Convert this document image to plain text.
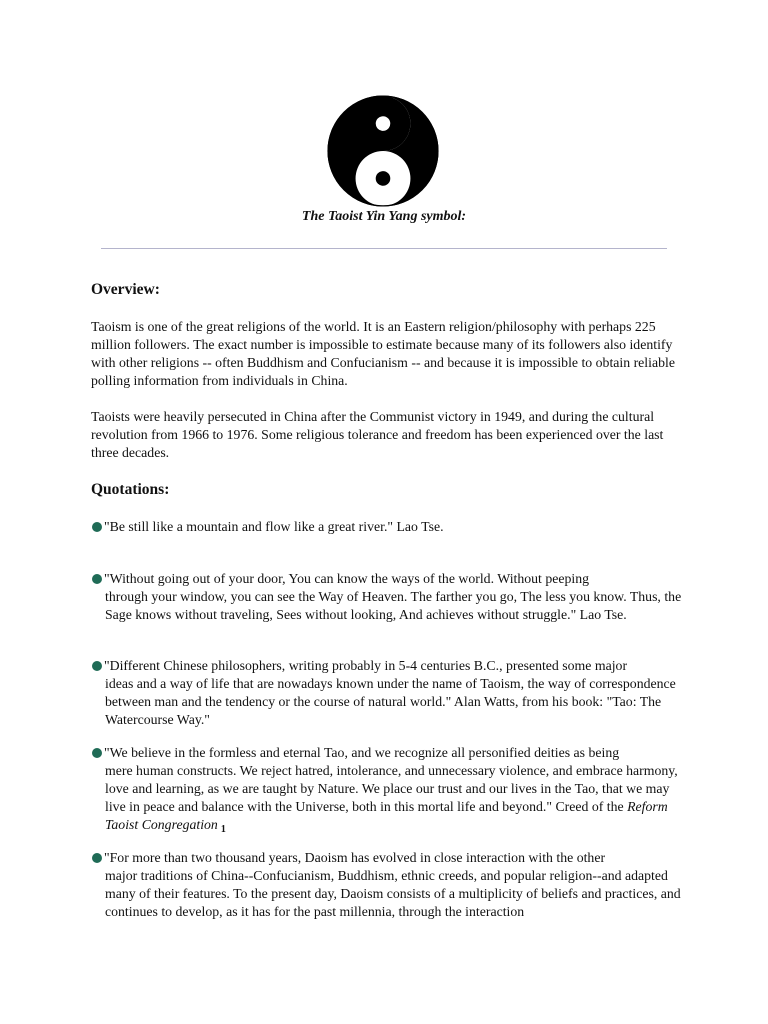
The Taoist Yin Yang symbol:
Overview:

Taoism is one of the great religions of the world. It is an Eastern religion/philosophy with perhaps 225 million followers. The exact number is impossible to estimate because many of its followers also identify with other religions -- often Buddhism and Confucianism -- and because it is impossible to obtain reliable polling information from individuals in China.

Taoists were heavily persecuted in China after the Communist victory in 1949, and during the cultural revolution from 1966 to 1976. Some religious tolerance and freedom has been experienced over the last three decades.

Quotations:

"Be still like a mountain and flow like a great river." Lao Tse.

"Without going out of your door, You can know the ways of the world. Without peeping
through your window, you can see the Way of Heaven. The farther you go, The less you know. Thus, the Sage knows without traveling, Sees without looking, And achieves without struggle." Lao Tse.

"Different Chinese philosophers, writing probably in 5-4 centuries B.C., presented some major
ideas and a way of life that are nowadays known under the name of Taoism, the way of correspondence between man and the tendency or the course of natural world." Alan Watts, from his book: "Tao: The Watercourse Way."

"We believe in the formless and eternal Tao, and we recognize all personified deities as being
mere human constructs. We reject hatred, intolerance, and unnecessary violence, and embrace harmony, love and learning, as we are taught by Nature. We place our trust and our lives in the Tao, that we may live in peace and balance with the Universe, both in this mortal life and beyond." Creed of the Reform Taoist Congregation $_1$

"For more than two thousand years, Daoism has evolved in close interaction with the other
major traditions of China--Confucianism, Buddhism, ethnic creeds, and popular religion--and adapted many of their features. To the present day, Daoism consists of a multiplicity of beliefs and practices, and continues to develop, as it has for the past millennia, through the interaction
